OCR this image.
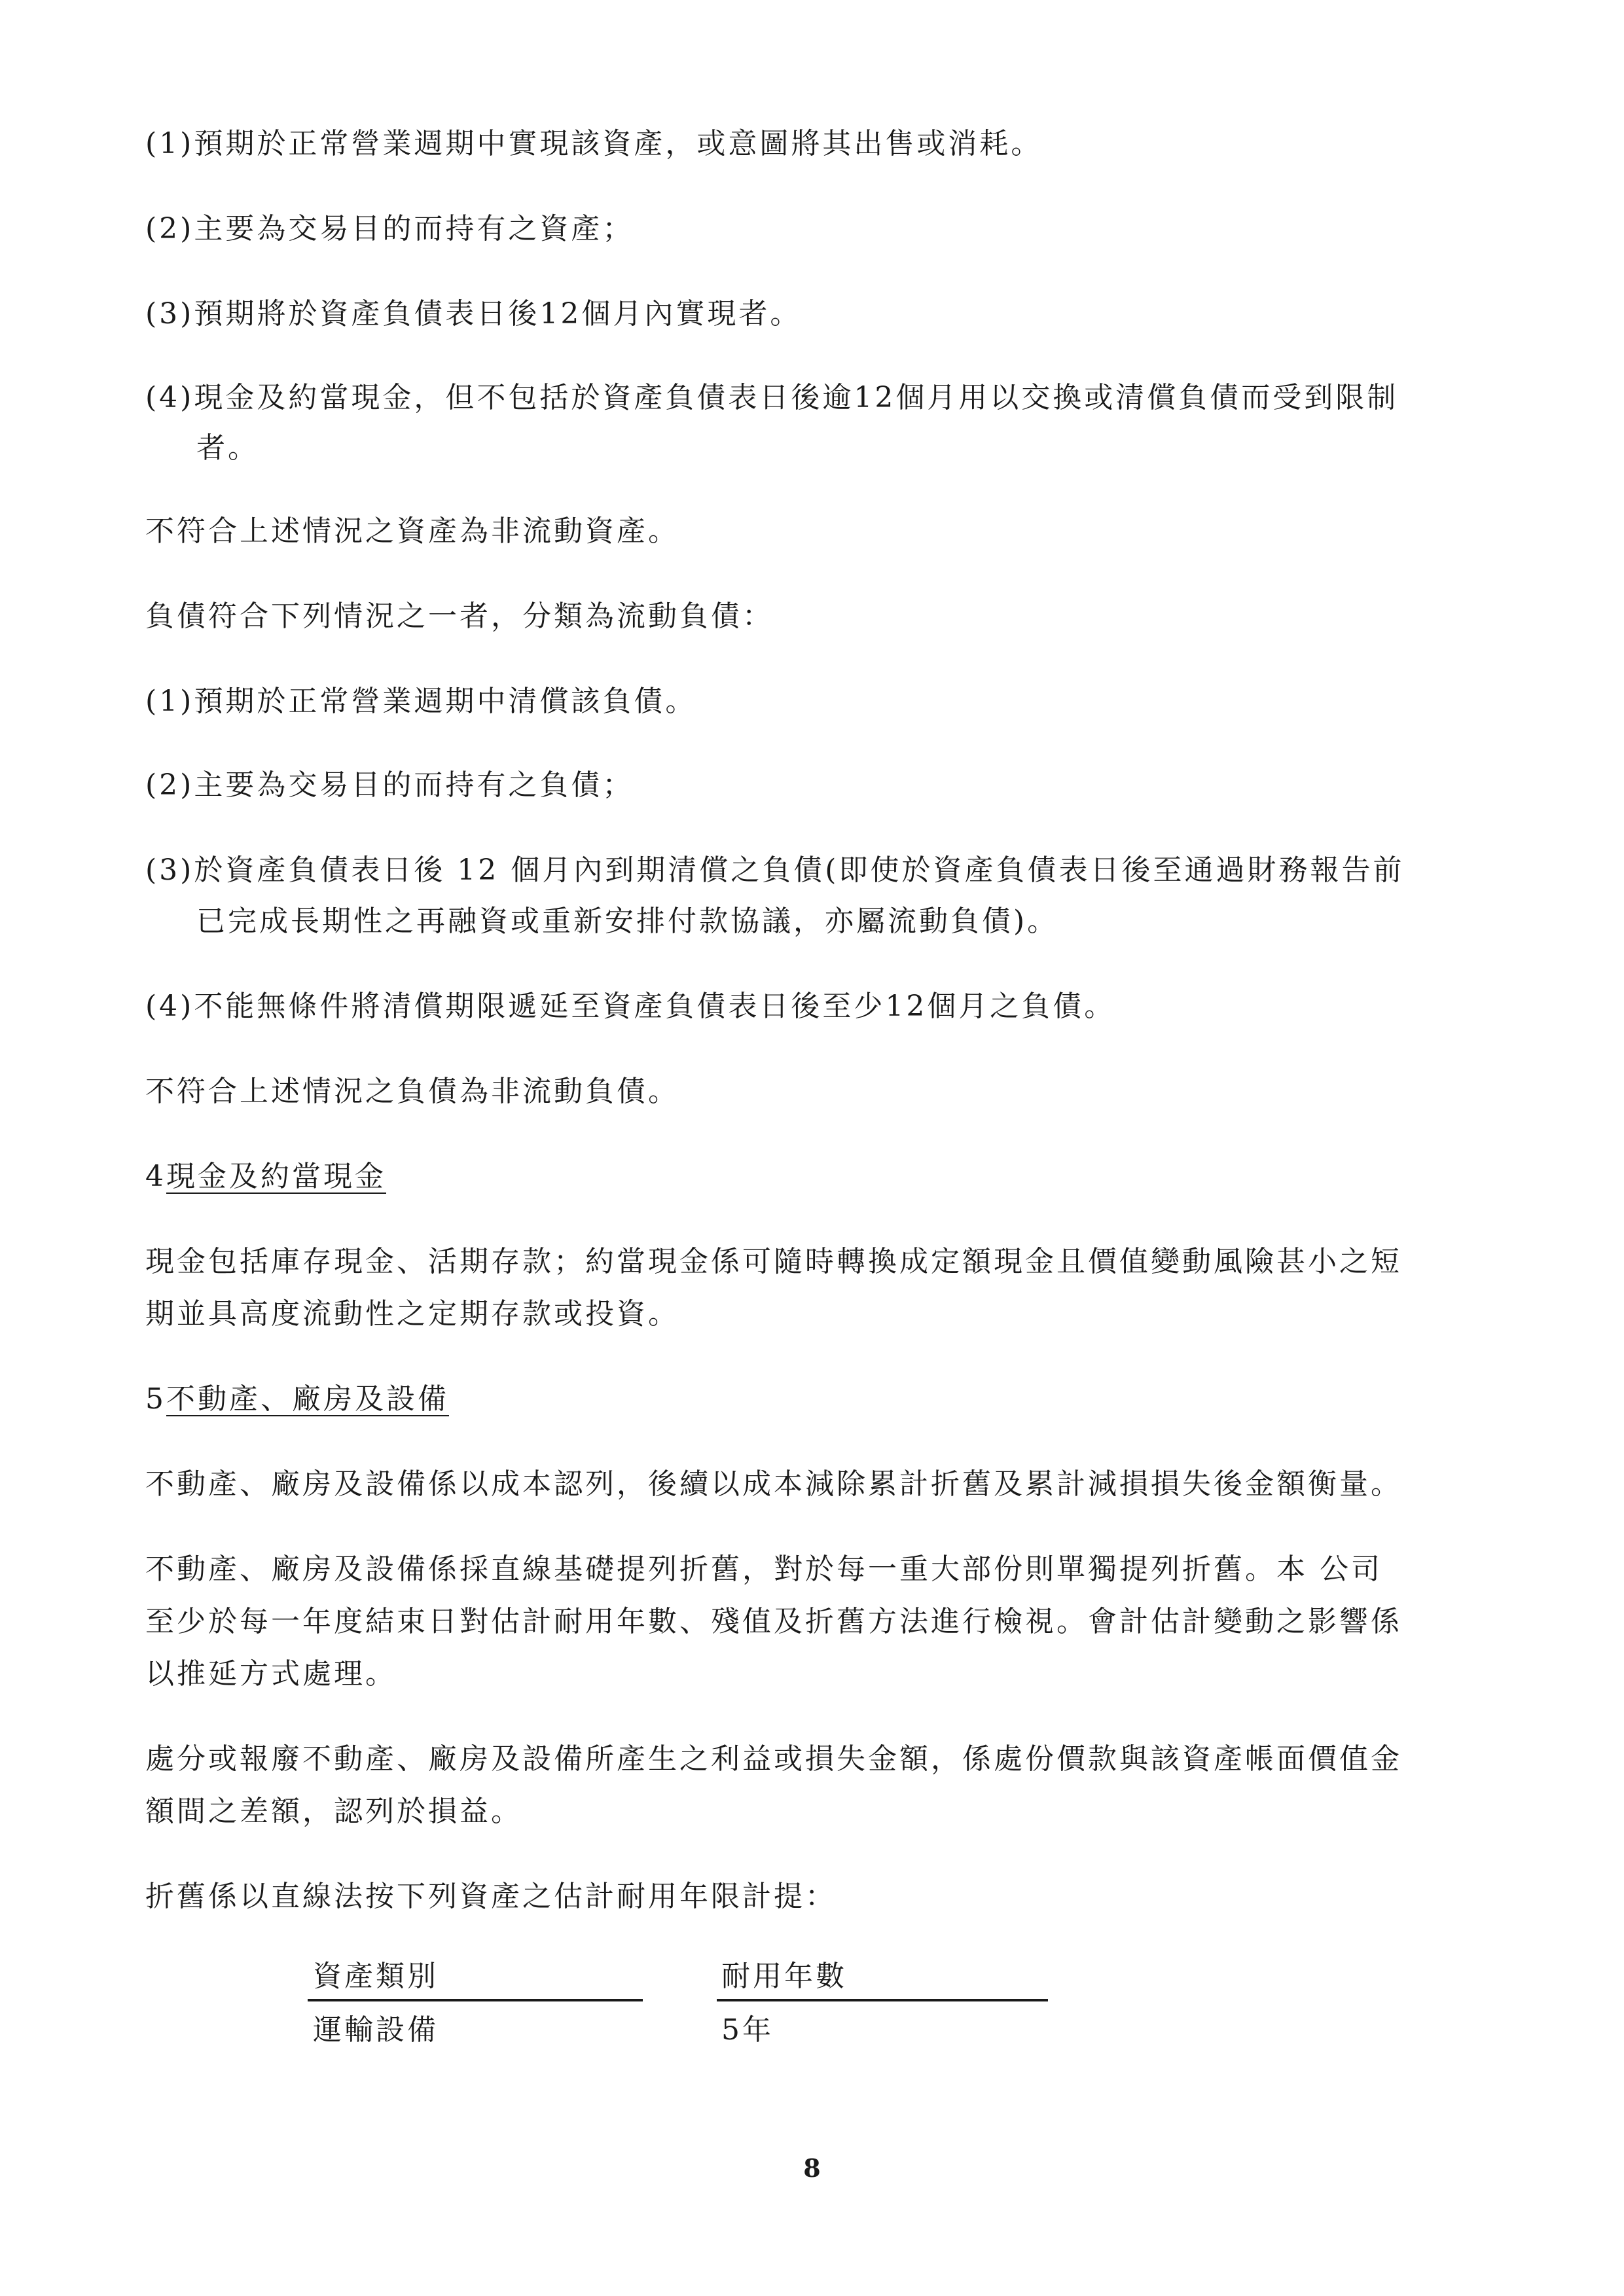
(1)預期於正常營業週期中實現該資產，或意圖將其出售或消耗。
(2)主要為交易目的而持有之資產；
(3)預期將於資產負債表日後12個月內實現者。
(4)現金及約當現金，但不包括於資產負債表日後逾12個月用以交換或清償負債而受到限制
者。
不符合上述情況之資產為非流動資產。
負債符合下列情況之一者，分類為流動負債：
(1)預期於正常營業週期中清償該負債。
(2)主要為交易目的而持有之負債；
(3)於資產負債表日後 12 個月內到期清償之負債(即使於資產負債表日後至通過財務報告前
已完成長期性之再融資或重新安排付款協議，亦屬流動負債)。
(4)不能無條件將清償期限遞延至資產負債表日後至少12個月之負債。
不符合上述情況之負債為非流動負債。
4現金及約當現金
現金包括庫存現金、活期存款；約當現金係可隨時轉換成定額現金且價值變動風險甚小之短
期並具高度流動性之定期存款或投資。
5不動產、廠房及設備
不動產、廠房及設備係以成本認列，後續以成本減除累計折舊及累計減損損失後金額衡量。
不動產、廠房及設備係採直線基礎提列折舊，對於每一重大部份則單獨提列折舊。本 公司
至少於每一年度結束日對估計耐用年數、殘值及折舊方法進行檢視。會計估計變動之影響係
以推延方式處理。
處分或報廢不動產、廠房及設備所產生之利益或損失金額，係處份價款與該資產帳面價值金
額間之差額，認列於損益。
折舊係以直線法按下列資產之估計耐用年限計提：
資產類別	耐用年數
運輸設備	5年
8
